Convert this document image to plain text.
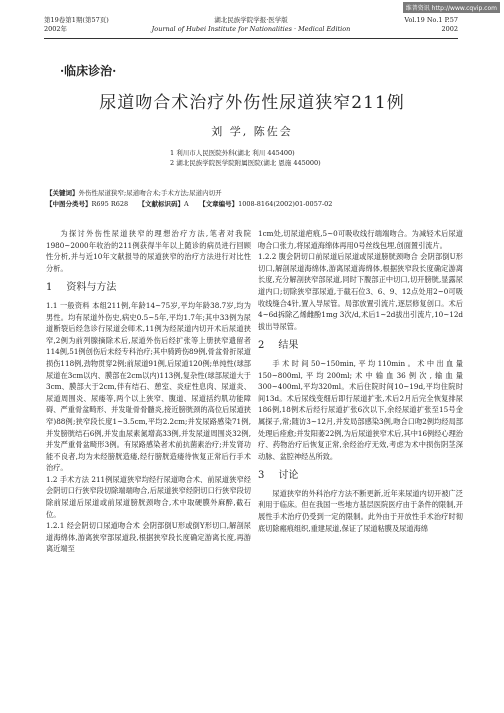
维普资讯 http://www.cqvip.com
第19卷第1期(第57页)
2002年
湖北民族学院学报·医学版
Journal of Hubei Institute for Nationalities · Medical Edition
Vol.19 No.1 P.57
2002
·临床诊治·
尿道吻合术治疗外伤性尿道狭窄211例
刘 学, 陈佐会
1 利川市人民医院外科(湖北 利川 445400)
2 湖北民族学院医学院附属医院(湖北 恩施 445000)
【关键词】外伤性尿道狭窄;尿道吻合术;手术方法;尿道内切开
【中图分类号】R695 R628 【文献标识码】A 【文章编号】1008-8164(2002)01-0057-02

为探讨外伤性尿道狭窄的理想治疗方法,笔者对我院1980~2000年收治的211例获得半年以上随诊的病员进行回顾性分析,并与近10年文献报导的尿道狭窄的治疗方法进行对比性分析。

1 资料与方法

1.1 一般资料 本组211例,年龄14~75岁,平均年龄38.7岁,均为男性。均有尿道外伤史,病史0.5~5年,平均1.7年;其中33例为尿道断裂后经急诊行尿道会师术,11例为经尿道内切开术后尿道狭窄,2例为前列腺摘除术后,尿道外伤后经扩张等上册狭窄遗留者114例,51例创伤后未经专科治疗;其中骑跨伤89例,骨盆骨折尿道损伤118例,劲物贯穿2例;前尿道91例,后尿道120例;单纯性(球部尿道在3cm以内、膜部在2cm以内)113例,复杂性(球部尿道大于3cm、膜部大于2cm,伴有结石、憩室、炎症性息肉、尿道炎、尿道周围炎、尿瘘等,两个以上狭窄、腹道、尿道括约肌功能障碍、严重骨盆畸形、并发耻骨骨髓炎,接近膀胱颈的高位后尿道狭窄)88例;狭窄段长度1~3.5cm,平均2.2cm;并发尿路感染71例,并发膀胱结石6例,并发血尿素氮增高33例,并发尿道周围炎32例,并发严重骨盆畸形3例。有尿路感染者术前抗菌素治疗;并发肾功能不良者,均为未经膀胱造瘘,经行膀胱造瘘待恢复正常后行手术治疗。

1.2 手术方法 211例尿道狭窄均经行尿道吻合术、前尿道狭窄经会阴切口行狭窄段切除端端吻合,后尿道狭窄经阴切口行狭窄段切除前尿道后尿道或前尿道膀胱颈吻合,术中取硬膜外麻醉,截石位。

1.2.1 经会阴切口尿道吻合术 会阴部倒U形或倒Y形切口,解剖尿道海绵体,游离狭窄部尿道段,根据狭窄段长度确定游离长度,再游离近端至

1cm处,切尿道疤痕,5~0可吸收线行端端吻合。为减轻术后尿道吻合口张力,将尿道海绵体再用0号丝线包埋,创面置引流片。

1.2.2 腹会阴切口前尿道后尿道或尿道膀胱颈吻合 会阴部倒U形切口,解剖尿道海绵体,游离尿道海绵体,根据狭窄段长度确定游离长度,充分解剖狭窄部尿道,同时下腹部正中切口,切开膀胱,显露尿道内口;切除狭窄部尿道,于截石位3、6、9、12点处用2~0可吸收线缝合4针,置入导尿管。局部放置引流片,逐层修复创口。术后4~6d拆除乙烯雌酚1mg 3次/d,术后1~2d拔出引流片,10~12d拔出导尿管。

2 结果

手术时间50~150min,平均110min。术中出血量150~800ml,平均200ml;术中输血36例次,输血量300~400ml,平均320ml。术后住院时间10~19d,平均住院时间13d。术后尿线变细后即行尿道扩张,术后2月后完全恢复排尿186例,18例术后经行尿道扩张6次以下,余经尿道扩张至15号金属探子,常;随访3~12月,并发局部感染3例,吻合口吻2例均经局部处理后痊愈;并发阳萎22例,为后尿道狭窄术后,其中16例经心理治疗、药物治疗后恢复正常,余经治疗无效,考虑为术中损伤阴茎深动脉、盆腔神经丛所致。

3 讨论

尿道狭窄的外科治疗方法不断更新,近年来尿道内切开被广泛利用于临床。但在我国一些地方基层医院医疗由于条件的限制,开展性手术治疗仍受到一定的限制。此外由于开放性手术治疗时彻底切除瘢痕组织,重建尿道,保证了尿道粘膜及尿道海绵
